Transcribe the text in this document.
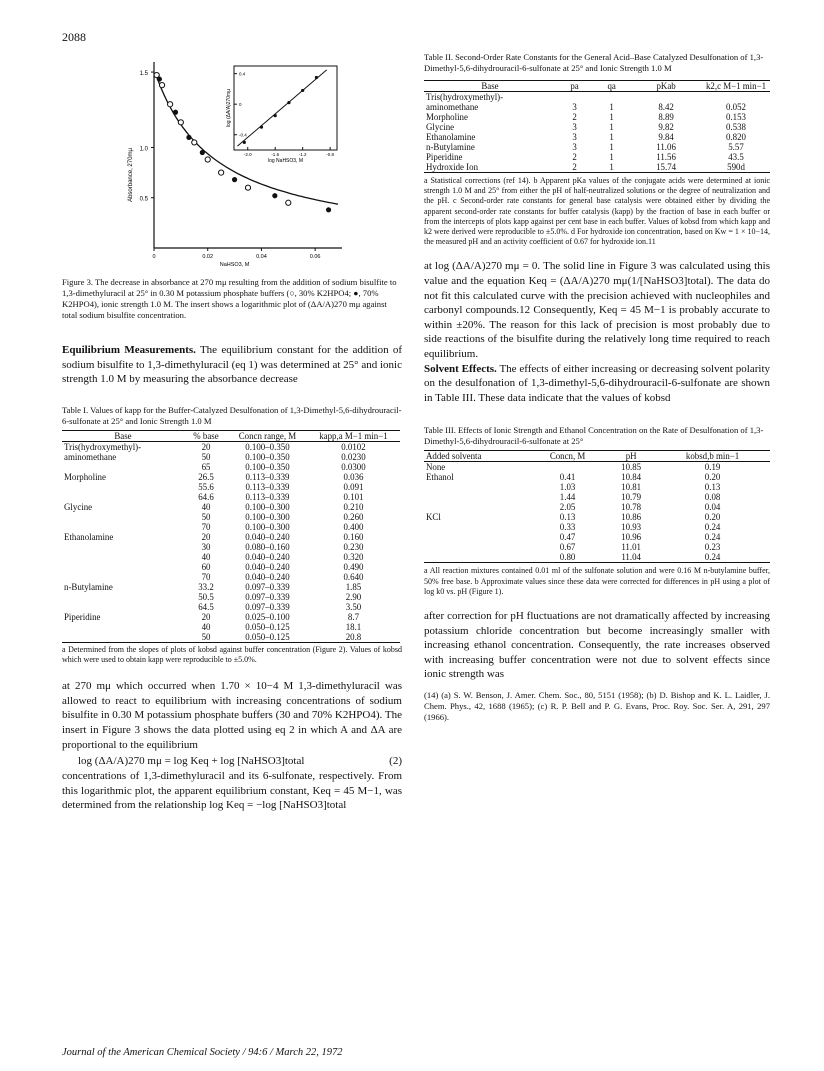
2088
1.0
0.5
1.5
0	0.02	0.04	0.06
NaHSO3, M
Absorbance, 270mμ
0.4
0
-0.4
-2.0	-1.6	-1.2	-0.8
log NaHSO3, M
log (ΔA/A)270mμ
Figure 3. The decrease in absorbance at 270 mμ resulting from the addition of sodium bisulfite to 1,3-dimethyluracil at 25° in 0.30 M potassium phosphate buffers (○, 30% K2HPO4; ●, 70% K2HPO4), ionic strength 1.0 M. The insert shows a logarithmic plot of (ΔA/A)270 mμ against total sodium bisulfite concentration.
Equilibrium Measurements. The equilibrium constant for the addition of sodium bisulfite to 1,3-dimethyluracil (eq 1) was determined at 25° and ionic strength 1.0 M by measuring the absorbance decrease
Table I. Values of kapp for the Buffer-Catalyzed Desulfonation of 1,3-Dimethyl-5,6-dihydrouracil-6-sulfonate at 25° and Ionic Strength 1.0 M
Base	% base	Concn range, M	kapp,a M−1 min−1
Tris(hydroxymethyl)-	20	0.100–0.350	0.0102
aminomethane	50	0.100–0.350	0.0230
	65	0.100–0.350	0.0300
Morpholine	26.5	0.113–0.339	0.036
	55.6	0.113–0.339	0.091
	64.6	0.113–0.339	0.101
Glycine	40	0.100–0.300	0.210
	50	0.100–0.300	0.260
	70	0.100–0.300	0.400
Ethanolamine	20	0.040–0.240	0.160
	30	0.080–0.160	0.230
	40	0.040–0.240	0.320
	60	0.040–0.240	0.490
	70	0.040–0.240	0.640
n-Butylamine	33.2	0.097–0.339	1.85
	50.5	0.097–0.339	2.90
	64.5	0.097–0.339	3.50
Piperidine	20	0.025–0.100	8.7
	40	0.050–0.125	18.1
	50	0.050–0.125	20.8
a Determined from the slopes of plots of kobsd against buffer concentration (Figure 2). Values of kobsd which were used to obtain kapp were reproducible to ±5.0%.
at 270 mμ which occurred when 1.70 × 10−4 M 1,3-dimethyluracil was allowed to react to equilibrium with increasing concentrations of sodium bisulfite in 0.30 M potassium phosphate buffers (30 and 70% K2HPO4). The insert in Figure 3 shows the data plotted using eq 2 in which A and ΔA are proportional to the equilibrium
log (ΔA/A)270 mμ = log Keq + log [NaHSO3]total	(2)
concentrations of 1,3-dimethyluracil and its 6-sulfonate, respectively. From this logarithmic plot, the apparent equilibrium constant, Keq = 45 M−1, was determined from the relationship log Keq = −log [NaHSO3]total
Table II. Second-Order Rate Constants for the General Acid–Base Catalyzed Desulfonation of 1,3-Dimethyl-5,6-dihydrouracil-6-sulfonate at 25° and Ionic Strength 1.0 M
Base	pa	qa	pKab	k2,c M−1 min−1
Tris(hydroxymethyl)-aminomethane	3	1	8.42	0.052
Morpholine	2	1	8.89	0.153
Glycine	3	1	9.82	0.538
Ethanolamine	3	1	9.84	0.820
n-Butylamine	3	1	11.06	5.57
Piperidine	2	1	11.56	43.5
Hydroxide Ion	2	1	15.74	590d
a Statistical corrections (ref 14). b Apparent pKa values of the conjugate acids were determined at ionic strength 1.0 M and 25° from either the pH of half-neutralized solutions or the degree of neutralization and the pH. c Second-order rate constants for general base catalysis were obtained either by dividing the apparent second-order rate constants for buffer catalysis (kapp) by the fraction of base in each buffer or from the intercepts of plots kapp against per cent base in each buffer. Values of kobsd from which kapp and k2 were derived were reproducible to ±5.0%. d For hydroxide ion concentration, based on Kw = 1 × 10−14, the measured pH and an activity coefficient of 0.67 for hydroxide ion.11
at log (ΔA/A)270 mμ = 0. The solid line in Figure 3 was calculated using this value and the equation Keq = (ΔA/A)270 mμ(1/[NaHSO3]total). The data do not fit this calculated curve with the precision achieved with nucleophiles and carbonyl compounds.12 Consequently, Keq = 45 M−1 is probably accurate to within ±20%. The reason for this lack of precision is most probably due to side reactions of the bisulfite during the relatively long time required to reach equilibrium.
Solvent Effects. The effects of either increasing or decreasing solvent polarity on the desulfonation of 1,3-dimethyl-5,6-dihydrouracil-6-sulfonate are shown in Table III. These data indicate that the values of kobsd
Table III. Effects of Ionic Strength and Ethanol Concentration on the Rate of Desulfonation of 1,3-Dimethyl-5,6-dihydrouracil-6-sulfonate at 25°
Added solventa	Concn, M	pH	kobsd,b min−1
None		10.85	0.19
Ethanol	0.41	10.84	0.20
	1.03	10.81	0.13
	1.44	10.79	0.08
	2.05	10.78	0.04
KCl	0.13	10.86	0.20
	0.33	10.93	0.24
	0.47	10.96	0.24
	0.67	11.01	0.23
	0.80	11.04	0.24
a All reaction mixtures contained 0.01 ml of the sulfonate solution and were 0.16 M n-butylamine buffer, 50% free base. b Approximate values since these data were corrected for differences in pH using a plot of log k0 vs. pH (Figure 1).
after correction for pH fluctuations are not dramatically affected by increasing potassium chloride concentration but become increasingly smaller with increasing ethanol concentration. Consequently, the rate increases observed with increasing buffer concentration were not due to solvent effects since ionic strength was
(14) (a) S. W. Benson, J. Amer. Chem. Soc., 80, 5151 (1958); (b) D. Bishop and K. L. Laidler, J. Chem. Phys., 42, 1688 (1965); (c) R. P. Bell and P. G. Evans, Proc. Roy. Soc. Ser. A, 291, 297 (1966).
Journal of the American Chemical Society / 94:6 / March 22, 1972
